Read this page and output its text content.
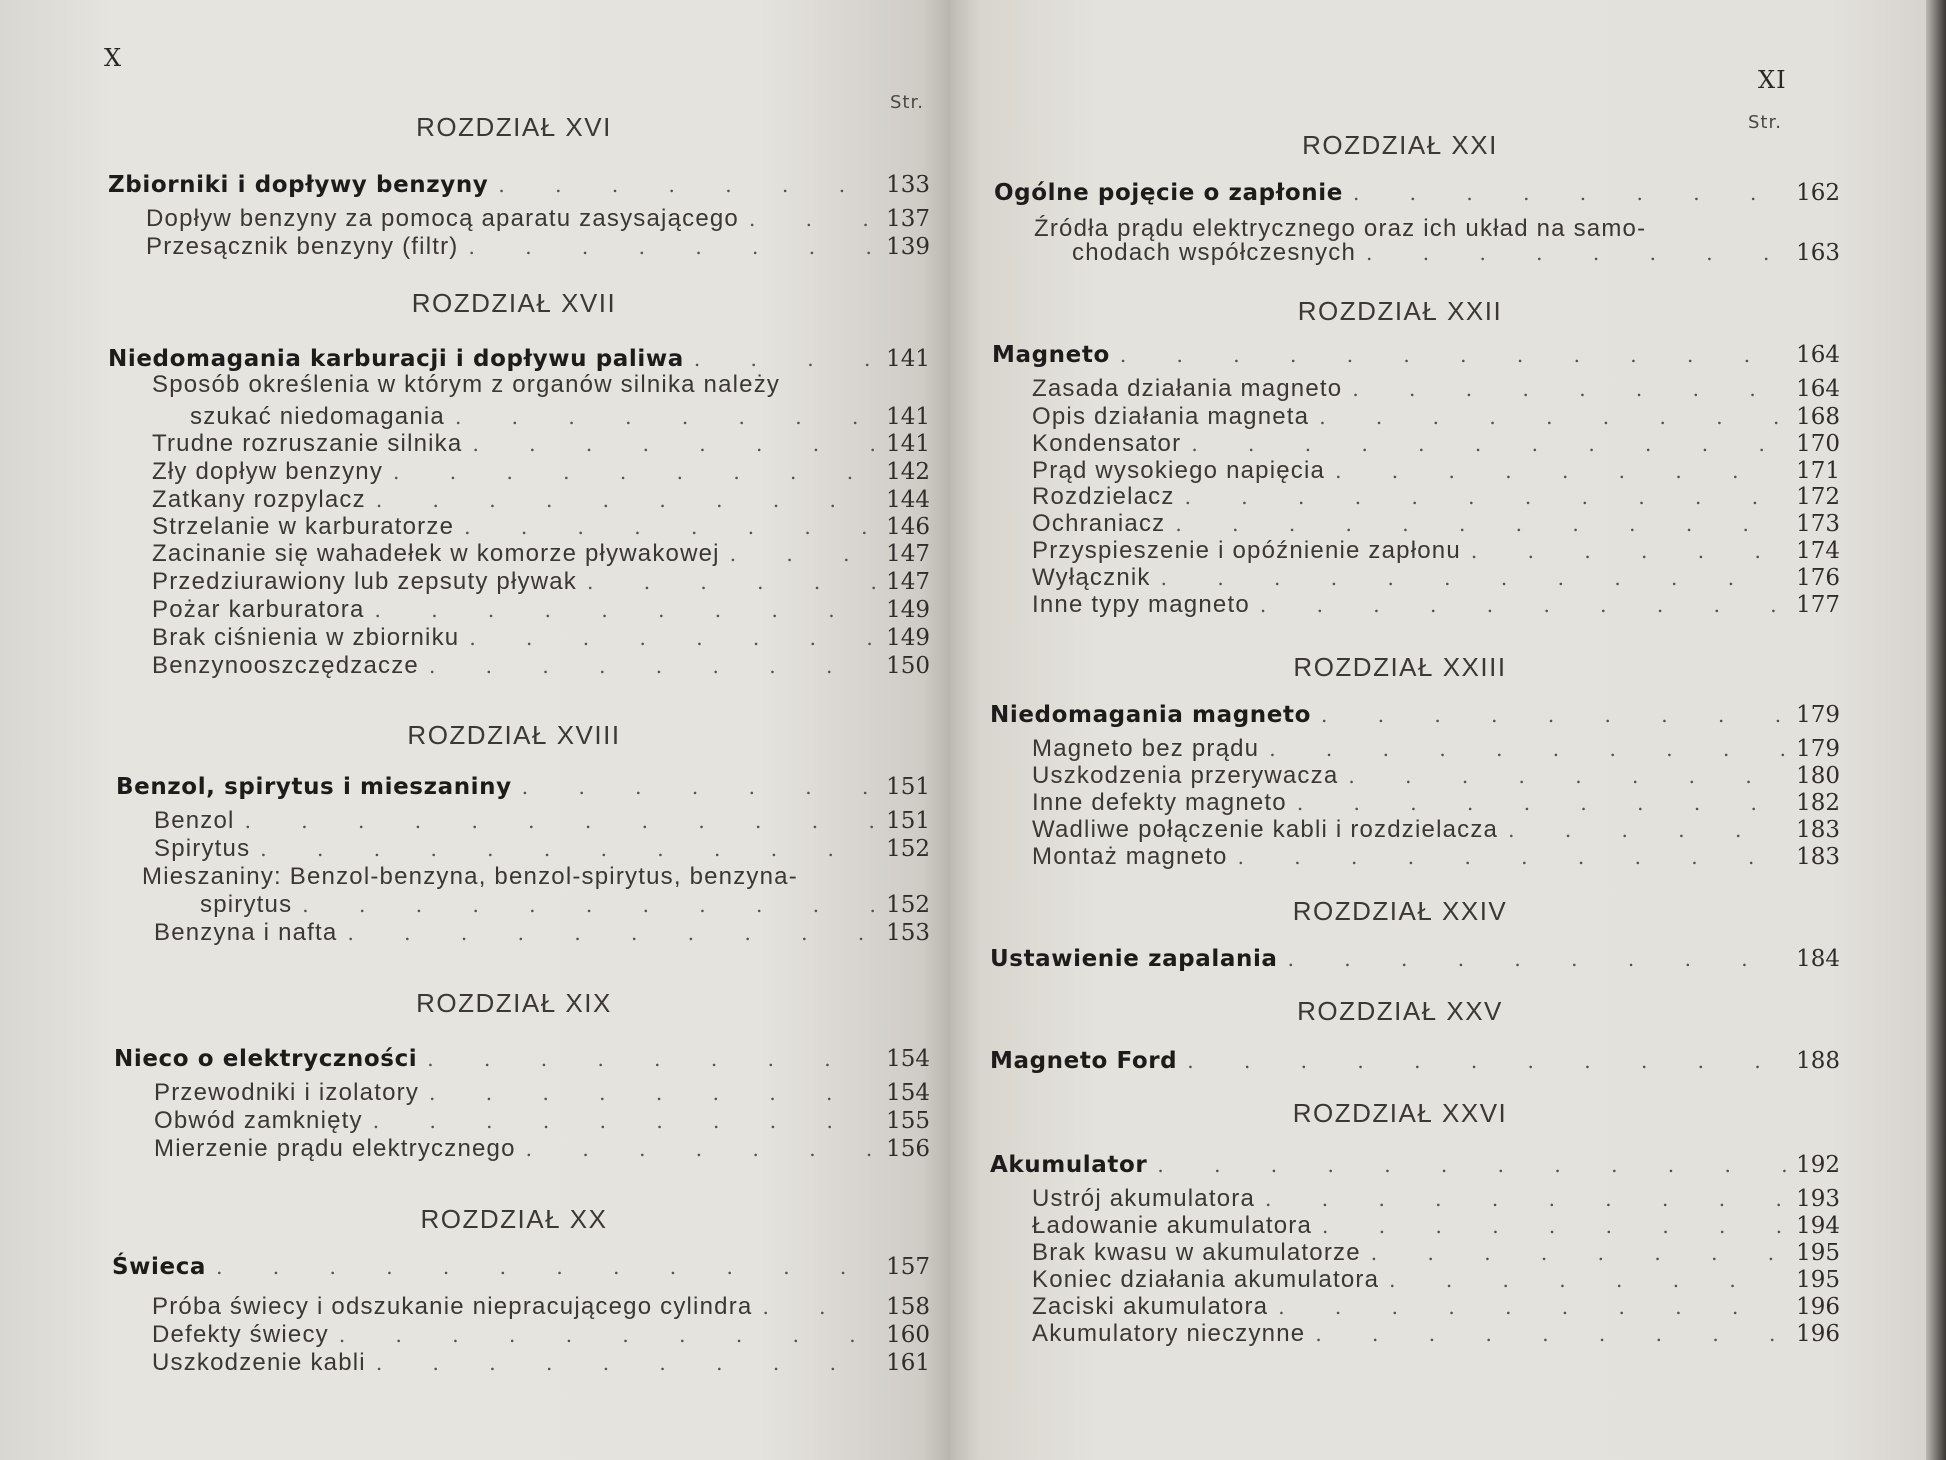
X
Str.
ROZDZIAŁ XVI
Zbiorniki i dopływy benzyny . . .	133
Dopływ benzyny za pomocą aparatu zasysającego . . .	137
Przesącznik benzyny (filtr) . . .	139
ROZDZIAŁ XVII
Niedomagania karburacji i dopływu paliwa . . .	141
Sposób określenia w którym z organów silnika należy
szukać niedomagania . . .	141
Trudne rozruszanie silnika . . .	141
Zły dopływ benzyny . . .	142
Zatkany rozpylacz . . .	144
Strzelanie w karburatorze . . .	146
Zacinanie się wahadełek w komorze pływakowej . . .	147
Przedziurawiony lub zepsuty pływak . . .	147
Pożar karburatora . . .	149
Brak ciśnienia w zbiorniku . . .	149
Benzynooszczędzacze . . .	150
ROZDZIAŁ XVIII
Benzol, spirytus i mieszaniny . . .	151
Benzol . . .	151
Spirytus . . .	152
Mieszaniny: Benzol-benzyna, benzol-spirytus, benzyna-
spirytus . . .	152
Benzyna i nafta . . .	153
ROZDZIAŁ XIX
Nieco o elektryczności . . .	154
Przewodniki i izolatory . . .	154
Obwód zamknięty . . .	155
Mierzenie prądu elektrycznego . . .	156
ROZDZIAŁ XX
Świeca . . .	157
Próba świecy i odszukanie niepracującego cylindra . . .	158
Defekty świecy . . .	160
Uszkodzenie kabli . . .	161
XI
Str.
ROZDZIAŁ XXI
Ogólne pojęcie o zapłonie . . .	162
Źródła prądu elektrycznego oraz ich układ na samo-
chodach współczesnych . . .	163
ROZDZIAŁ XXII
Magneto . . .	164
Zasada działania magneto . . .	164
Opis działania magneta . . .	168
Kondensator . . .	170
Prąd wysokiego napięcia . . .	171
Rozdzielacz . . .	172
Ochraniacz . . .	173
Przyspieszenie i opóźnienie zapłonu . . .	174
Wyłącznik . . .	176
Inne typy magneto . . .	177
ROZDZIAŁ XXIII
Niedomagania magneto . . .	179
Magneto bez prądu . . .	179
Uszkodzenia przerywacza . . .	180
Inne defekty magneto . . .	182
Wadliwe połączenie kabli i rozdzielacza . . .	183
Montaż magneto . . .	183
ROZDZIAŁ XXIV
Ustawienie zapalania . . .	184
ROZDZIAŁ XXV
Magneto Ford . . .	188
ROZDZIAŁ XXVI
Akumulator . . .	192
Ustrój akumulatora . . .	193
Ładowanie akumulatora . . .	194
Brak kwasu w akumulatorze . . .	195
Koniec działania akumulatora . . .	195
Zaciski akumulatora . . .	196
Akumulatory nieczynne . . .	196
